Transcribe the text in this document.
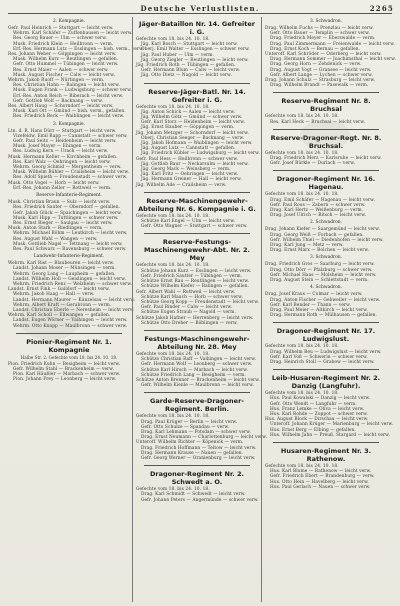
Deutsche Verlustlisten.	2265
2. Kompagnie.
Gefr. Paul Heinrich — Stuttgart — leicht verw.
Wehrm. Karl Schäfer — Zuffenhausen — leicht verw.
Res. Georg Bauer — Ulm — schwer verw.
Musk. Friedrich Klein — Heilbronn — verm.
Erf.-Res. Hermann Lutz — Esslingen — bish. verm., verw.
Res. Johann Weber — Göppingen — leicht verw.
Musk. Wilhelm Kurz — Reutlingen — gefallen.
Gefr. Otto Hummel — Tübingen — leicht verw.
Res. Ernst Maier — Aalen — schwer verw.
Musk. August Fischer — Calw — leicht verw.
Wehrm. Jakob Ruoff — Nürtingen — verm.
Res. Christian Hahn — Balingen — leicht verw.
Musk. Eugen Frank — Ludwigsburg — schwer verw.
Erf.-Res. Anton Reich — Biberach — leicht verw.
Gefr. Gottlob Wolf — Backnang — verw.
Res. Albert Haug — Schorndorf — leicht verw.
Musk. Karl Ott — Gmünd — bish. verm., gefallen.
Res. Friedrich Beck — Waiblingen — leicht verw.
3. Kompagnie.
Ltn. d. R. Hans Dürr — Stuttgart — leicht verw.
Vizefeldw. Emil Rapp — Cannstatt — schwer verw.
Gefr. Paul Seitz — Heidenheim — leicht verw.
Musk. Josef Mayer — Ehingen — verm.
Res. Ludwig Kern — Urach — leicht verw.
Musk. Hermann Keller — Kirchheim — gefallen.
Res. Karl Walz — Oehringen — leicht verw.
Wehrm. Georg Schmid — Mergentheim — verw.
Musk. Wilhelm Bühler — Crailsheim — leicht verw.
Res. Adolf Spieth — Freudenstadt — schwer verw.
Musk. Otto Vogel — Horb — leicht verw.
Erf.-Res. Johann Zeller — Rottweil — verm.
Reserve-Infanterie-Regiment.
Musk. Christian Braun — Sulz — leicht verw.
Res. Friedrich Sauter — Oberndorf — gefallen.
Gefr. Jakob Glück — Spaichingen — leicht verw.
Musk. Karl Hipp — Tuttlingen — schwer verw.
Res. Ernst Rieger — Saulgau — leicht verw.
Musk. Anton Stark — Riedlingen — verm.
Wehrm. Michael Böhm — Leutkirch — leicht verw.
Res. August Wahl — Wangen — verw.
Musk. Gottlieb Nagel — Tettnang — leicht verw.
Res. Paul Schwarz — Ravensburg — schwer verw.
Landwehr-Infanterie-Regiment.
Wehrm. Karl Rist — Blaubeuren — leicht verw.
Landst. Johann Moser — Münsingen — verm.
Wehrm. Georg Lang — Laupheim — gefallen.
Landst. Wilhelm Holl — Geislingen — leicht verw.
Wehrm. Friedrich Renz — Welzheim — schwer verw.
Landst. Ernst Fink — Gaildorf — leicht verw.
Wehrm. Jakob Haag — Hall — verw.
Landst. Hermann Maurer — Künzelsau — leicht verw.
Wehrm. Albert Kraft — Gerabronn — verm.
Landst. Christian Eberle — Neresheim — leicht verw.
Wehrm. Karl Scholl — Ellwangen — gefallen.
Landst. Eugen Wörner — Vaihingen — leicht verw.
Wehrm. Otto Knapp — Maulbronn — schwer verw.
Pionier-Regiment Nr. 1. Kompagnie
Halbe Str. 2. Gefechte vom 18. bis 24. 10. 18.
Pion. Friedrich Kuhn — Besigheim — leicht verw.
Gefr. Wilhelm Stahl — Brackenheim — verw.
Pion. Karl Häußler — Marbach — schwer verw.
Pion. Johann Frey — Leonberg — leicht verw.
Jäger-Bataillon Nr. 14. Gefreiter i. G.
Gefechte vom 18. bis 24. 10. 18.
Jäg. Karl Bosch — Stuttgart — leicht verw.
Oberj. Emil Walter — Esslingen — schwer verw.
Jäg. Paul Huber — Ulm — verm.
Jäg. Georg Ziegler — Reutlingen — leicht verw.
Jäg. Friedrich Roth — Tübingen — gefallen.
Gefr. Hermann Blum — Calw — leicht verw.
Jäg. Otto Dietz — Nagold — leicht verw.
Reserve-Jäger-Batl. Nr. 14. Gefreiter i. G.
Gefechte vom 18. bis 24. 10. 18.
Jäg. Anton Schick — Aalen — leicht verw.
Jäg. Wilhelm Götz — Gmünd — schwer verw.
Gefr. Karl Storz — Heidenheim — leicht verw.
Jäg. Ernst Hauber — Göppingen — verm.
Jäg. Johann Metzger — Schorndorf — leicht verw.
Oberj. Christian Seeger — Backnang — verw.
Jäg. Jakob Hofmann — Waiblingen — leicht verw.
Jäg. August Lutz — Cannstatt — gefallen.
Jäg. Friedrich Kübler — Ludwigsburg — leicht verw.
Gefr. Paul Hess — Heilbronn — schwer verw.
Jäg. Gottlob Baur — Neckarsulm — leicht verw.
Jäg. Georg Mack — Weinsberg — verm.
Jäg. Karl Fritz — Oehringen — leicht verw.
Jäg. Hermann Greiner — Hall — leicht verw.
Jäg. Wilhelm Ade — Crailsheim — verw.
Reserve-Maschinengewehr-Abteilung Nr. 6. Kompagnie i. G.
Gefechte vom 18. bis 24. 10. 18.
Schütze Karl Engel — Ulm — leicht verw.
Gefr. Otto Wagner — Stuttgart — schwer verw.
Reserve-Festungs-Maschinengewehr-Abt. Nr. 2. Mey
Gefechte vom 18. bis 24. 10. 18.
Schütze Johann Kurz — Esslingen — leicht verw.
Gefr. Friedrich Sautter — Tübingen — verm.
Schütze Ernst Rau — Reutlingen — leicht verw.
Schütze Wilhelm Kiefer — Balingen — gefallen.
Gefr. Albert Wahl — Rottweil — leicht verw.
Schütze Karl Mauch — Horb — schwer verw.
Schütze Georg Kopp — Freudenstadt — leicht verw.
Gefr. Paul Binder — Calw — leicht verw.
Schütze Eugen Straub — Nagold — verm.
Schütze Jakob Hafner — Herrenberg — leicht verw.
Schütze Otto Dreher — Böblingen — verw.
Festungs-Maschinengewehr-Abteilung Nr. 28. Mey
Gefechte vom 18. bis 24. 10. 18.
Schütze Christian Raff — Vaihingen — leicht verw.
Gefr. Hermann Wolf — Leonberg — schwer verw.
Schütze Karl Hirsch — Marbach — leicht verw.
Schütze Friedrich Lang — Besigheim — verm.
Schütze Anton Brenner — Brackenheim — leicht verw.
Gefr. Wilhelm Kienle — Maulbronn — leicht verw.
Garde-Reserve-Dragoner-Regiment. Berlin.
Gefechte vom 18. bis 24. 10. 18.
Drag. Paul Krüger — Berlin — leicht verw.
Gefr. Otto Schulze — Spandau — verw.
Drag. Karl Lehmann — Potsdam — schwer verw.
Drag. Ernst Neumann — Charlottenburg — leicht verw.
Unteroff. Wilhelm Richter — Köpenick — verm.
Drag. Friedrich Hoffmann — Teltow — leicht verw.
Drag. Hermann Krause — Nauen — gefallen.
Gefr. Georg Werner — Oranienburg — leicht verw.
Dragoner-Regiment Nr. 2. Schwedt a. O.
Gefechte vom 18. bis 24. 10. 18.
Drag. Karl Schmidt — Schwedt — leicht verw.
Gefr. Johann Peters — Angermünde — schwer verw.
3. Schwadron.
Drag. Wilhelm Fuchs — Prenzlau — leicht verw.
Gefr. Otto Bauer — Templin — schwer verw.
Drag. Friedrich Meyer — Eberswalde — verm.
Drag. Paul Zimmermann — Freienwalde — leicht verw.
Drag. Ernst Koch — Bernau — gefallen.
Unteroff. Karl Schröder — Oderberg — leicht verw.
Drag. Hermann Sommer — Joachimsthal — leicht verw.
Drag. Georg Horn — Zehdenick — verw.
Drag. August Vogt — Gransee — leicht verw.
Gefr. Albert Lange — Lychen — schwer verw.
Drag. Johann Schulz — Strasburg — leicht verw.
Drag. Wilhelm Brandt — Pasewalk — verm.
Reserve-Regiment Nr. 8. Bruchsal
Gefechte vom 18. bis 24. 10. 18.
Res. Karl Heck — Bruchsal — leicht verw.
Reserve-Dragoner-Regt. Nr. 8. Bruchsal.
Gefechte vom 18. bis 24. 10. 18.
Drag. Friedrich Merz — Karlsruhe — leicht verw.
Gefr. Josef Bürkle — Durlach — verw.
Dragoner-Regiment Nr. 16. Hagenau.
Gefechte vom 18. bis 24. 10. 18.
Drag. Emil Schäfer — Hagenau — leicht verw.
Gefr. Paul Roos — Zabern — schwer verw.
Drag. Karl Hertz — Weißenburg — verm.
Drag. Josef Ulrich — Bitsch — leicht verw.
2. Schwadron.
Drag. Johann Kiefer — Saargemünd — leicht verw.
Drag. Georg Weiß — Forbach — gefallen.
Gefr. Wilhelm Thiel — Diedenhofen — leicht verw.
Drag. Karl Jung — Metz — verw.
Drag. Ernst Marx — Bolchen — leicht verw.
3. Schwadron.
Drag. Friedrich Gros — Saarburg — leicht verw.
Drag. Otto Dörr — Pfalzburg — schwer verw.
Gefr. Michael Haas — Molsheim — leicht verw.
Drag. August Stein — Schlettstadt — verm.
4. Schwadron.
Drag. Josef Kraus — Colmar — leicht verw.
Drag. Anton Fischer — Gebweiler — leicht verw.
Gefr. Karl Bender — Thann — verw.
Drag. Paul Meier — Altkirch — leicht verw.
Drag. Hermann Roth — Mülhausen — gefallen.
Dragoner-Regiment Nr. 17. Ludwigslust.
Gefechte vom 18. bis 24. 10. 18.
Drag. Wilhelm Beu — Ludwigslust — leicht verw.
Gefr. Karl Voß — Schwerin — schwer verw.
Drag. Heinrich Stoll — Grabow — leicht verw.
Leib-Husaren-Regiment Nr. 2. Danzig (Langfuhr).
Gefechte vom 18. bis 24. 10. 18.
Hus. Paul Kowalski — Danzig — leicht verw.
Gefr. Otto Wendt — Langfuhr — verm.
Hus. Franz Lemke — Oliva — leicht verw.
Hus. Karl Rohde — Zoppot — schwer verw.
Hus. August Block — Dirschau — leicht verw.
Unteroff. Johann Krüger — Marienburg — leicht verw.
Hus. Ernst Berg — Elbing — gefallen.
Hus. Wilhelm Jahn — Preuß. Stargard — leicht verw.
Husaren-Regiment Nr. 3. Rathenow.
Gefechte vom 18. bis 24. 10. 18.
Hus. Karl Blume — Rathenow — leicht verw.
Gefr. Friedrich Ebert — Brandenburg — verw.
Hus. Otto Hein — Havelberg — leicht verw.
Hus. Paul Gerlach — Nauen — schwer verw.
